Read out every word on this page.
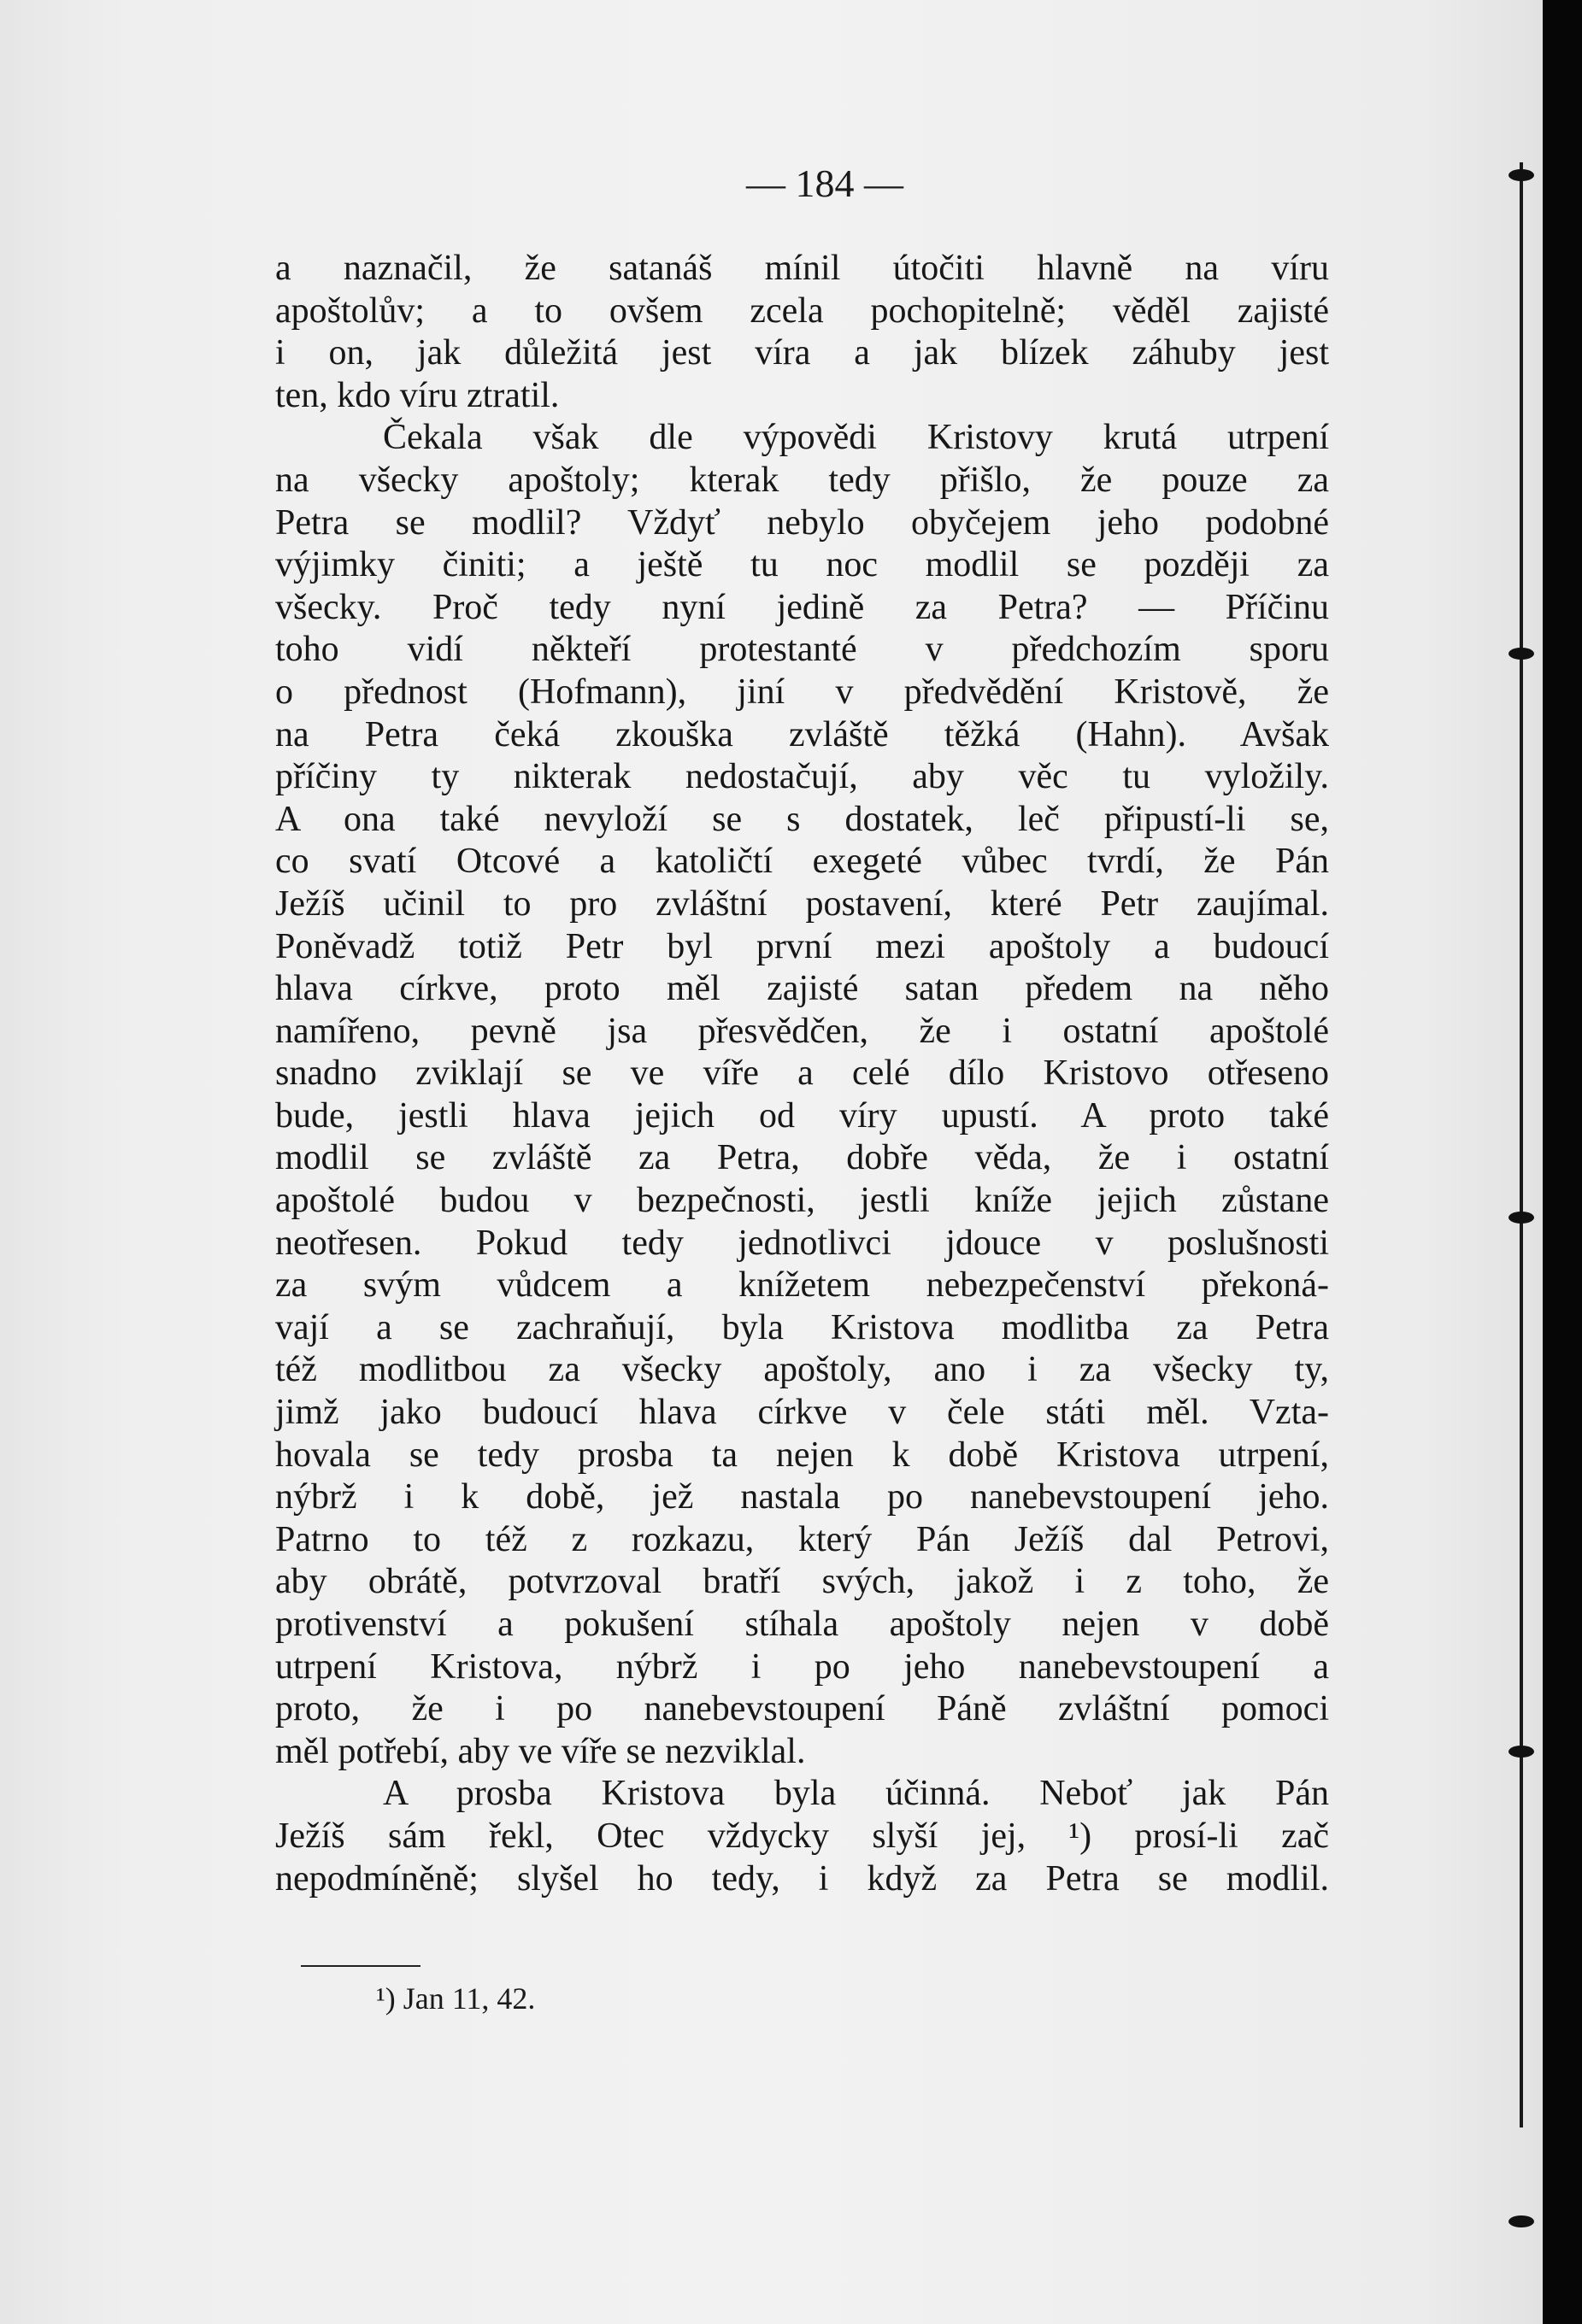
— 184 —
a naznačil, že satanáš mínil útočiti hlavně na víru
apoštolův; a to ovšem zcela pochopitelně; věděl zajisté
i on, jak důležitá jest víra a jak blízek záhuby jest
ten, kdo víru ztratil.
Čekala však dle výpovědi Kristovy krutá utrpení
na všecky apoštoly; kterak tedy přišlo, že pouze za
Petra se modlil? Vždyť nebylo obyčejem jeho podobné
výjimky činiti; a ještě tu noc modlil se později za
všecky. Proč tedy nyní jedině za Petra? — Příčinu
toho vidí někteří protestanté v předchozím sporu
o přednost (Hofmann), jiní v předvědění Kristově, že
na Petra čeká zkouška zvláště těžká (Hahn). Avšak
příčiny ty nikterak nedostačují, aby věc tu vyložily.
A ona také nevyloží se s dostatek, leč připustí-li se,
co svatí Otcové a katoličtí exegeté vůbec tvrdí, že Pán
Ježíš učinil to pro zvláštní postavení, které Petr zaujímal.
Poněvadž totiž Petr byl první mezi apoštoly a budoucí
hlava církve, proto měl zajisté satan předem na něho
namířeno, pevně jsa přesvědčen, že i ostatní apoštolé
snadno zviklají se ve víře a celé dílo Kristovo otřeseno
bude, jestli hlava jejich od víry upustí. A proto také
modlil se zvláště za Petra, dobře věda, že i ostatní
apoštolé budou v bezpečnosti, jestli kníže jejich zůstane
neotřesen. Pokud tedy jednotlivci jdouce v poslušnosti
za svým vůdcem a knížetem nebezpečenství překoná-
vají a se zachraňují, byla Kristova modlitba za Petra
též modlitbou za všecky apoštoly, ano i za všecky ty,
jimž jako budoucí hlava církve v čele státi měl. Vzta-
hovala se tedy prosba ta nejen k době Kristova utrpení,
nýbrž i k době, jež nastala po nanebevstoupení jeho.
Patrno to též z rozkazu, který Pán Ježíš dal Petrovi,
aby obrátě, potvrzoval bratří svých, jakož i z toho, že
protivenství a pokušení stíhala apoštoly nejen v době
utrpení Kristova, nýbrž i po jeho nanebevstoupení a
proto, že i po nanebevstoupení Páně zvláštní pomoci
měl potřebí, aby ve víře se nezviklal.
A prosba Kristova byla účinná. Neboť jak Pán
Ježíš sám řekl, Otec vždycky slyší jej, ¹) prosí-li zač
nepodmíněně; slyšel ho tedy, i když za Petra se modlil.
¹) Jan 11, 42.
